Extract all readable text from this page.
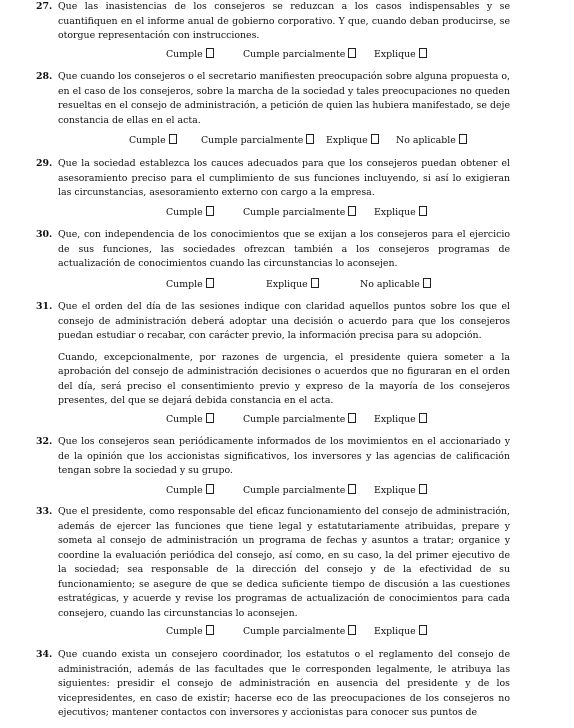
27. Que las inasistencias de los consejeros se reduzcan a los casos indispensables y se cuantifiquen en el informe anual de gobierno corporativo. Y que, cuando deban producirse, se otorgue representación con instrucciones.

Cumple	Cumple parcialmente	Explique
28. Que cuando los consejeros o el secretario manifiesten preocupación sobre alguna propuesta o, en el caso de los consejeros, sobre la marcha de la sociedad y tales preocupaciones no queden resueltas en el consejo de administración, a petición de quien las hubiera manifestado, se deje constancia de ellas en el acta.

Cumple	Cumple parcialmente	Explique	No aplicable
29. Que la sociedad establezca los cauces adecuados para que los consejeros puedan obtener el asesoramiento preciso para el cumplimiento de sus funciones incluyendo, si así lo exigieran las circunstancias, asesoramiento externo con cargo a la empresa.

Cumple	Cumple parcialmente	Explique
30. Que, con independencia de los conocimientos que se exijan a los consejeros para el ejercicio de sus funciones, las sociedades ofrezcan también a los consejeros programas de actualización de conocimientos cuando las circunstancias lo aconsejen.

Cumple	Explique	No aplicable
31. Que el orden del día de las sesiones indique con claridad aquellos puntos sobre los que el consejo de administración deberá adoptar una decisión o acuerdo para que los consejeros puedan estudiar o recabar, con carácter previo, la información precisa para su adopción.

Cuando, excepcionalmente, por razones de urgencia, el presidente quiera someter a la aprobación del consejo de administración decisiones o acuerdos que no figuraran en el orden del día, será preciso el consentimiento previo y expreso de la mayoría de los consejeros presentes, del que se dejará debida constancia en el acta.

Cumple	Cumple parcialmente	Explique
32. Que los consejeros sean periódicamente informados de los movimientos en el accionariado y de la opinión que los accionistas significativos, los inversores y las agencias de calificación tengan sobre la sociedad y su grupo.

Cumple	Cumple parcialmente	Explique
33. Que el presidente, como responsable del eficaz funcionamiento del consejo de administración, además de ejercer las funciones que tiene legal y estatutariamente atribuidas, prepare y someta al consejo de administración un programa de fechas y asuntos a tratar; organice y coordine la evaluación periódica del consejo, así como, en su caso, la del primer ejecutivo de la sociedad; sea responsable de la dirección del consejo y de la efectividad de su funcionamiento; se asegure de que se dedica suficiente tiempo de discusión a las cuestiones estratégicas, y acuerde y revise los programas de actualización de conocimientos para cada consejero, cuando las circunstancias lo aconsejen.

Cumple	Cumple parcialmente	Explique
34. Que cuando exista un consejero coordinador, los estatutos o el reglamento del consejo de administración, además de las facultades que le corresponden legalmente, le atribuya las siguientes: presidir el consejo de administración en ausencia del presidente y de los vicepresidentes, en caso de existir; hacerse eco de las preocupaciones de los consejeros no ejecutivos; mantener contactos con inversores y accionistas para conocer sus puntos de
